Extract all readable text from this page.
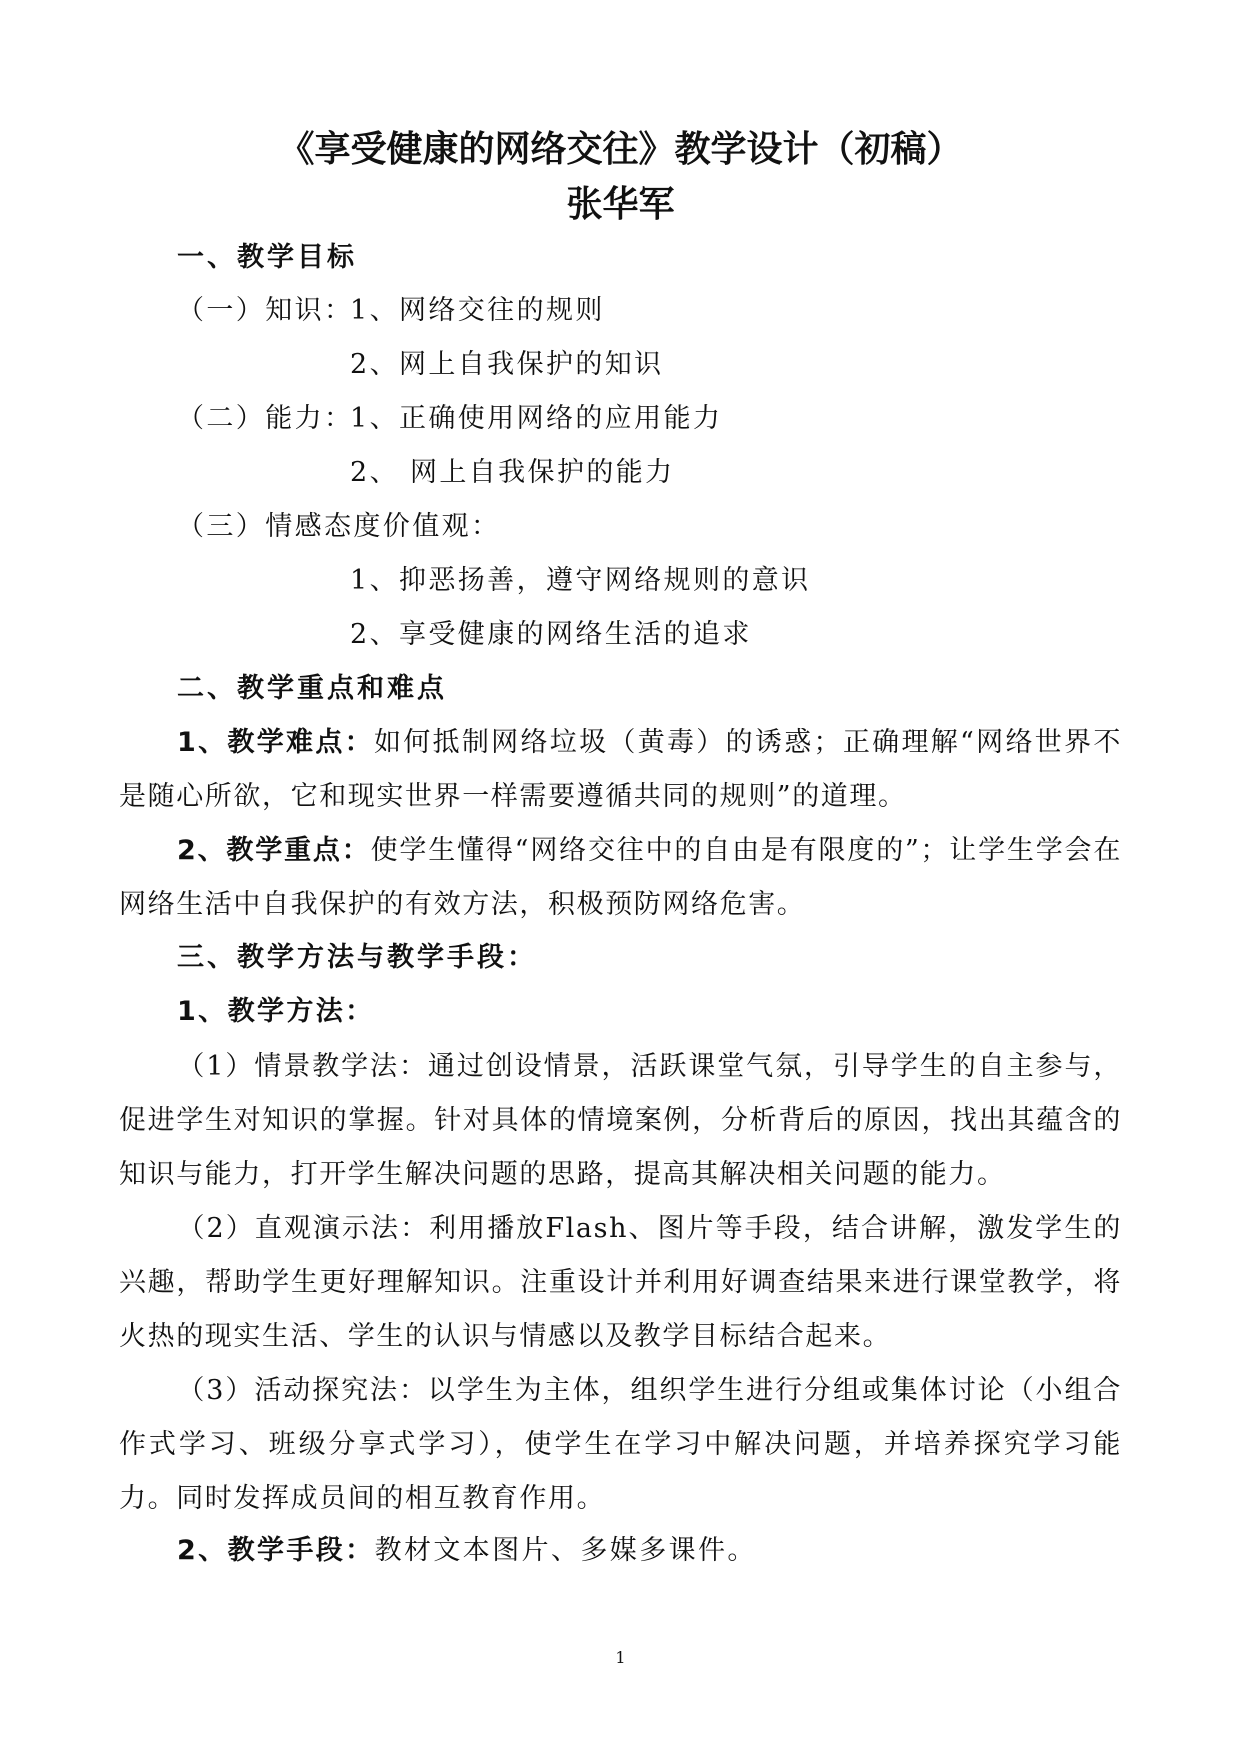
《享受健康的网络交往》教学设计（初稿）
张华军
一、教学目标
（一）知识：
1、网络交往的规则
2、网上自我保护的知识
（二）能力：
1、正确使用网络的应用能力
2、 网上自我保护的能力
（三）情感态度价值观：
1、抑恶扬善，遵守网络规则的意识
2、享受健康的网络生活的追求
二、教学重点和难点
1、教学难点：如何抵制网络垃圾（黄毒）的诱惑；正确理解“网络世界不是随心所欲，它和现实世界一样需要遵循共同的规则”的道理。
2、教学重点：使学生懂得“网络交往中的自由是有限度的”；让学生学会在网络生活中自我保护的有效方法，积极预防网络危害。
三、教学方法与教学手段：
1、教学方法：
（1）情景教学法：通过创设情景，活跃课堂气氛，引导学生的自主参与，促进学生对知识的掌握。针对具体的情境案例，分析背后的原因，找出其蕴含的知识与能力，打开学生解决问题的思路，提高其解决相关问题的能力。
（2）直观演示法：利用播放Flash、图片等手段，结合讲解，激发学生的兴趣，帮助学生更好理解知识。注重设计并利用好调查结果来进行课堂教学，将火热的现实生活、学生的认识与情感以及教学目标结合起来。
（3）活动探究法：以学生为主体，组织学生进行分组或集体讨论（小组合作式学习、班级分享式学习），使学生在学习中解决问题，并培养探究学习能力。同时发挥成员间的相互教育作用。
2、教学手段：教材文本图片、多媒多课件。
1
